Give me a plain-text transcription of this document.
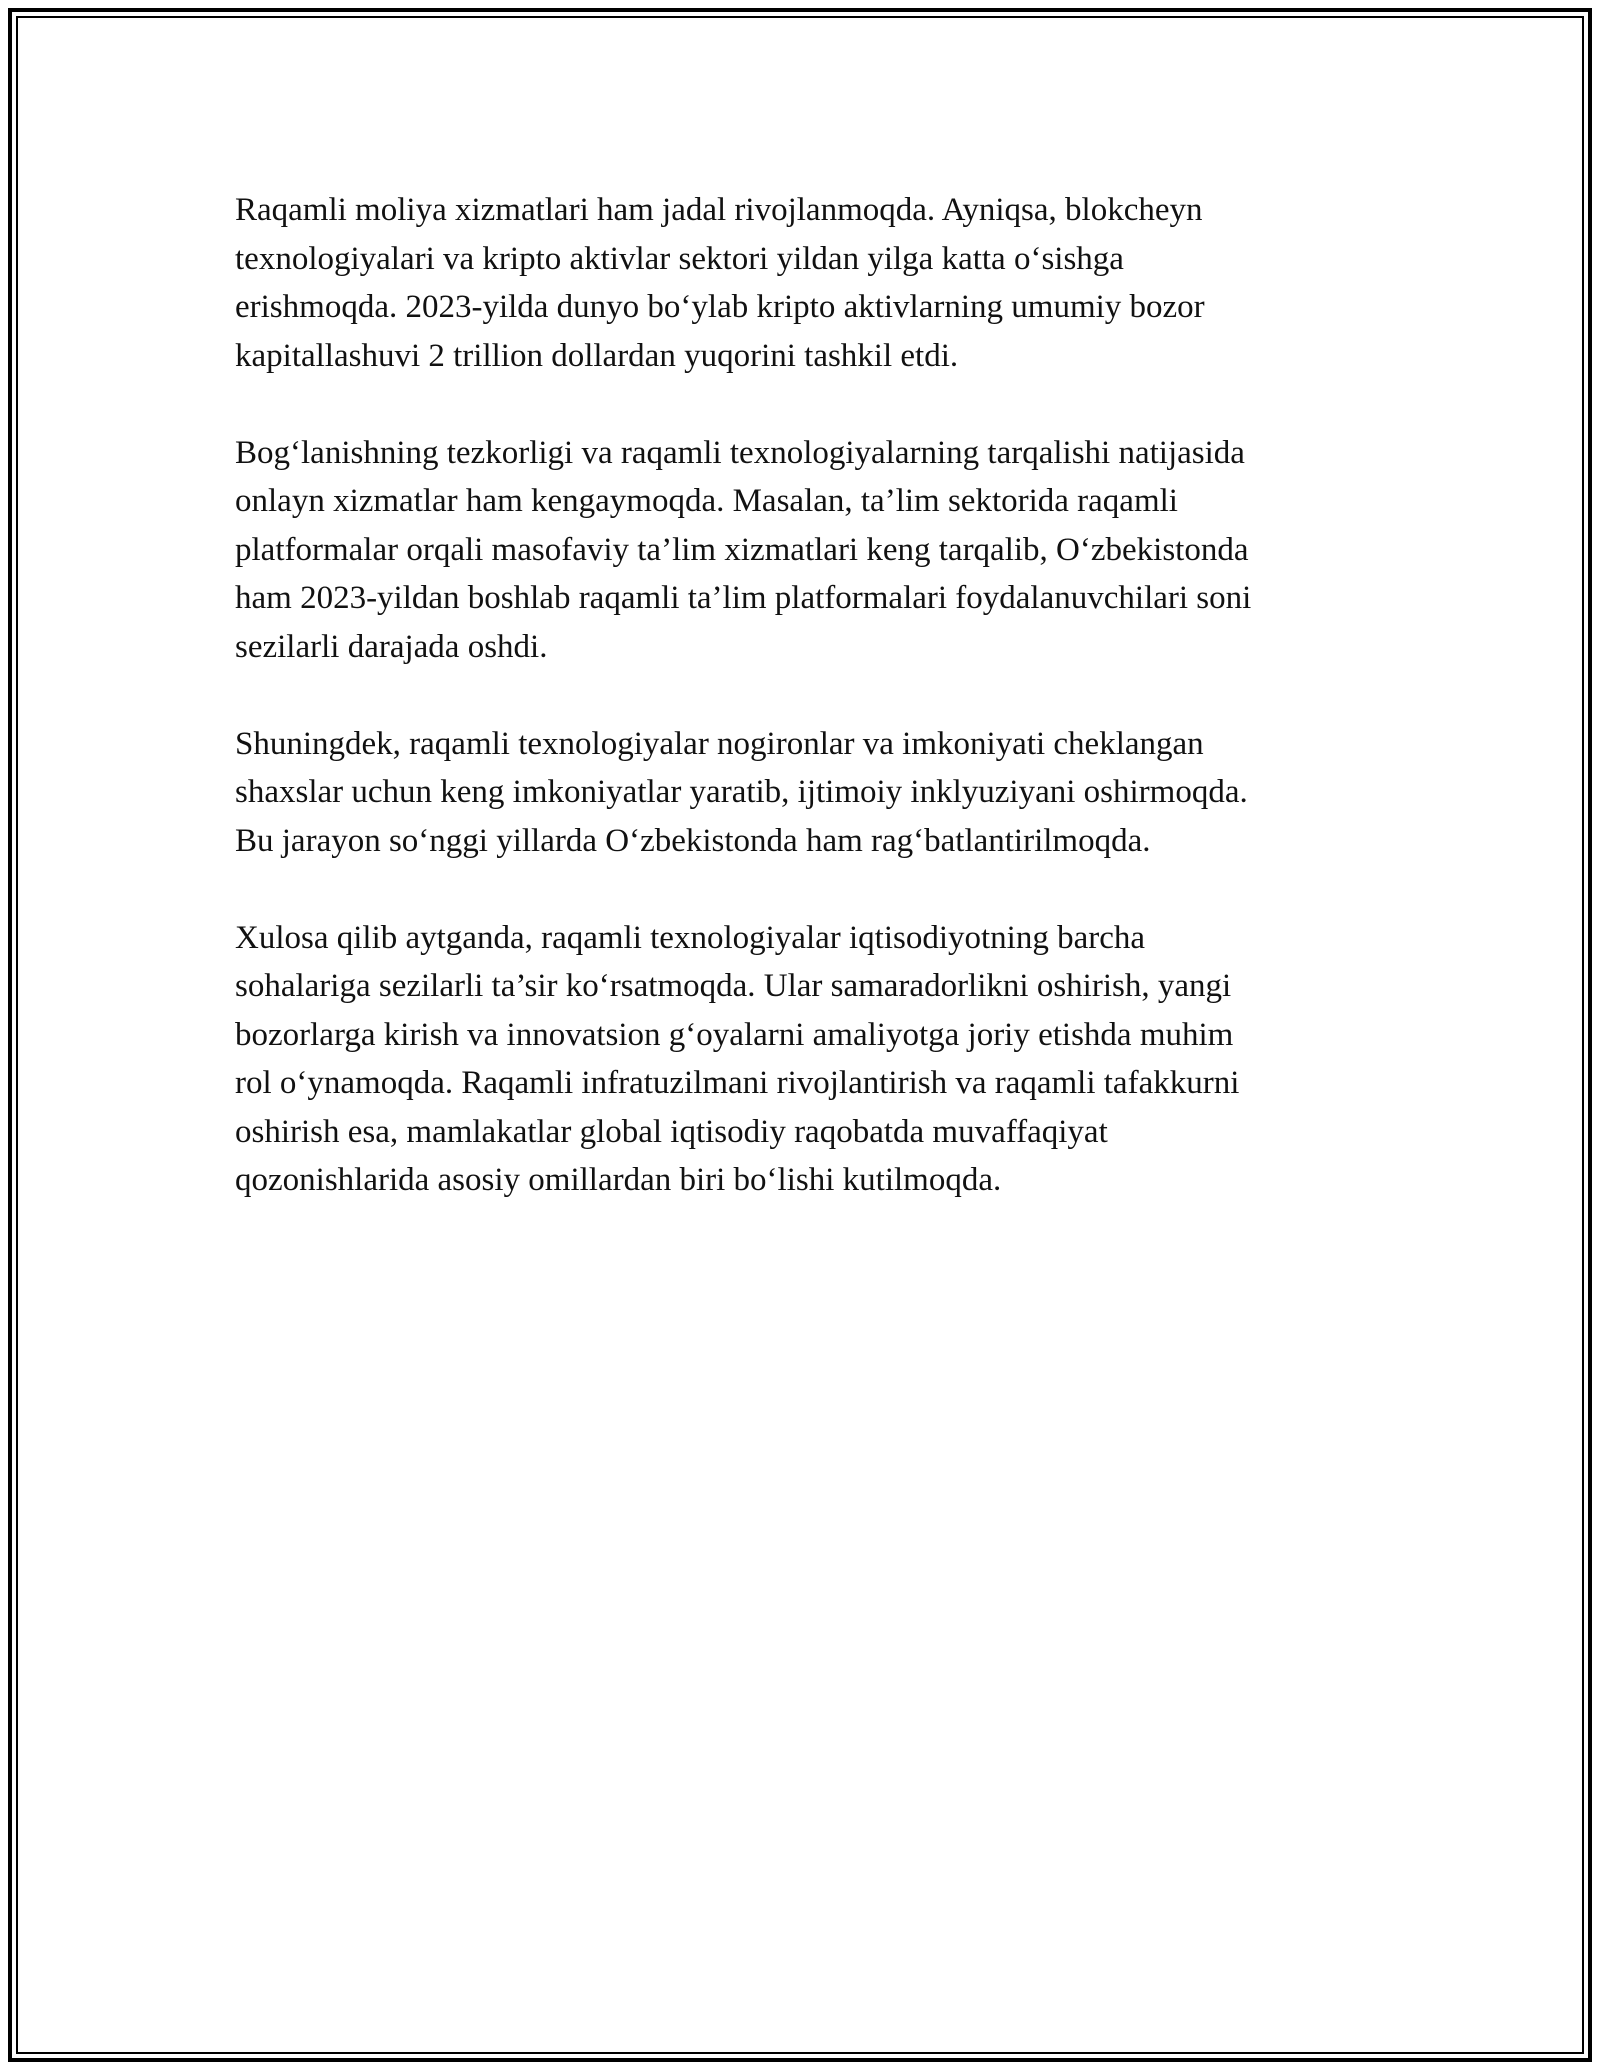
Raqamli moliya xizmatlari ham jadal rivojlanmoqda. Ayniqsa, blokcheyn
texnologiyalari va kripto aktivlar sektori yildan yilga katta o‘sishga
erishmoqda. 2023-yilda dunyo bo‘ylab kripto aktivlarning umumiy bozor
kapitallashuvi 2 trillion dollardan yuqorini tashkil etdi.

Bog‘lanishning tezkorligi va raqamli texnologiyalarning tarqalishi natijasida
onlayn xizmatlar ham kengaymoqda. Masalan, ta’lim sektorida raqamli
platformalar orqali masofaviy ta’lim xizmatlari keng tarqalib, O‘zbekistonda
ham 2023-yildan boshlab raqamli ta’lim platformalari foydalanuvchilari soni
sezilarli darajada oshdi.

Shuningdek, raqamli texnologiyalar nogironlar va imkoniyati cheklangan
shaxslar uchun keng imkoniyatlar yaratib, ijtimoiy inklyuziyani oshirmoqda.
Bu jarayon so‘nggi yillarda O‘zbekistonda ham rag‘batlantirilmoqda.

Xulosa qilib aytganda, raqamli texnologiyalar iqtisodiyotning barcha
sohalariga sezilarli ta’sir ko‘rsatmoqda. Ular samaradorlikni oshirish, yangi
bozorlarga kirish va innovatsion g‘oyalarni amaliyotga joriy etishda muhim
rol o‘ynamoqda. Raqamli infratuzilmani rivojlantirish va raqamli tafakkurni
oshirish esa, mamlakatlar global iqtisodiy raqobatda muvaffaqiyat
qozonishlarida asosiy omillardan biri bo‘lishi kutilmoqda.
